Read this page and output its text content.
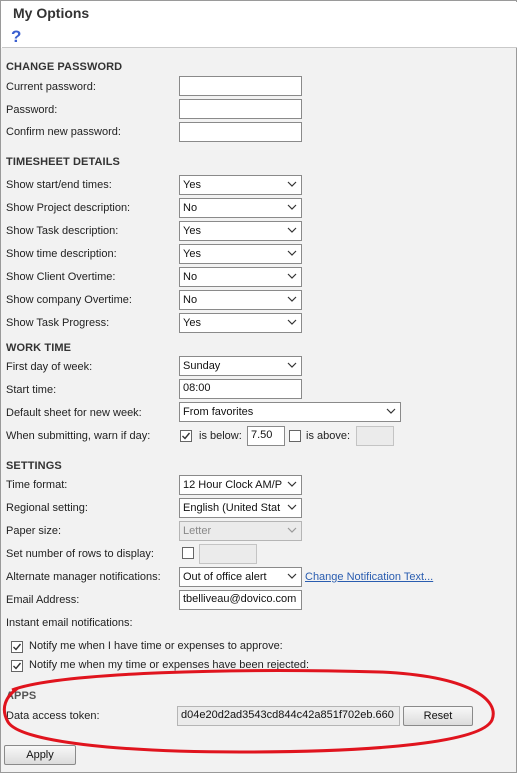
My Options
?
CHANGE PASSWORD
Current password:
Password:
Confirm new password:
TIMESHEET DETAILS
Show start/end times:	Yes
Show Project description:	No
Show Task description:	Yes
Show time description:	Yes
Show Client Overtime:	No
Show company Overtime:	No
Show Task Progress:	Yes
WORK TIME
First day of week:	Sunday
Start time:	08:00
Default sheet for new week:	From favorites
When submitting, warn if day:	is below: 7.50	is above:
SETTINGS
Time format:	12 Hour Clock AM/P
Regional setting:	English (United Stat
Paper size:	Letter
Set number of rows to display:
Alternate manager notifications:	Out of office alert	Change Notification Text...
Email Address:	tbelliveau@dovico.com
Instant email notifications:
Notify me when I have time or expenses to approve:
Notify me when my time or expenses have been rejected:
APPS
Data access token:	d04e20d2ad3543cd844c42a851f702eb.660	Reset
Apply
